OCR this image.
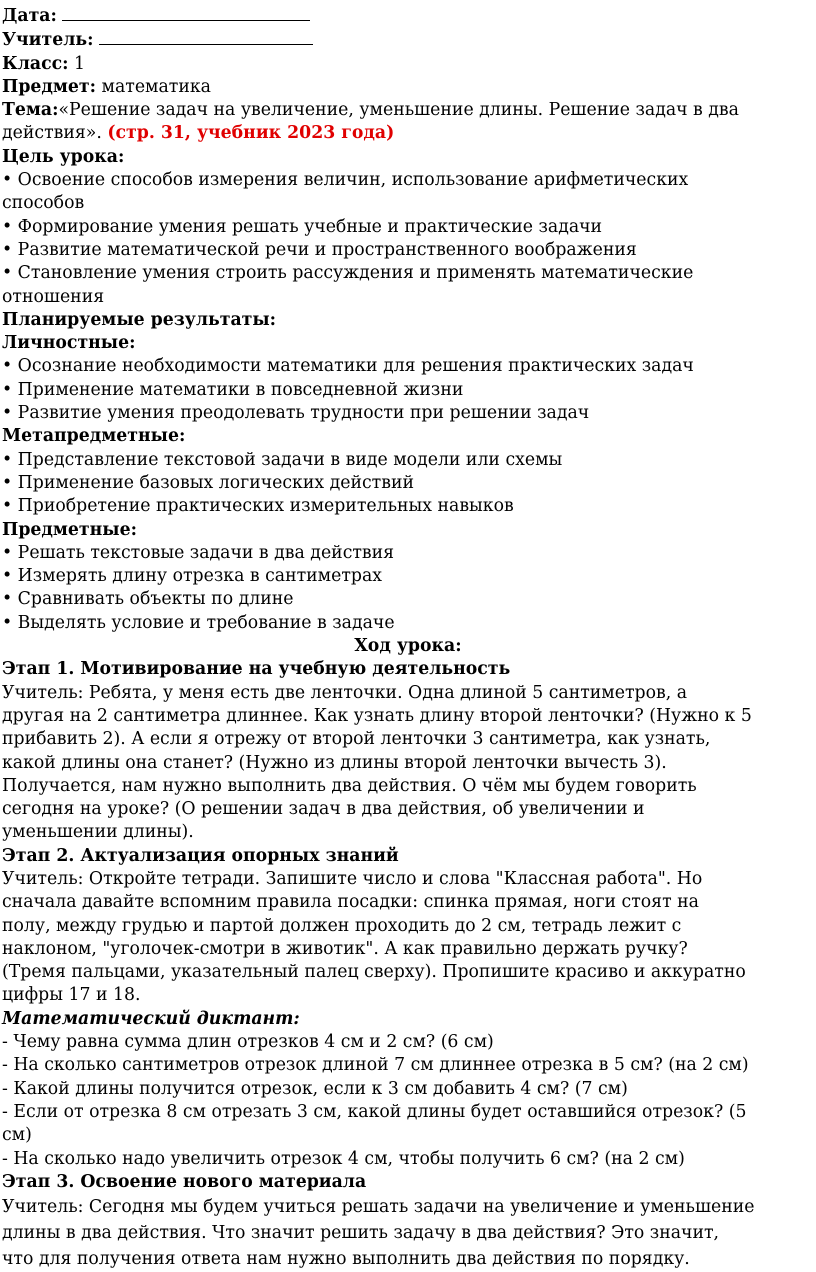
Дата:
Учитель:
Класс: 1
Предмет: математика
Тема:«Решение задач на увеличение, уменьшение длины. Решение задач в два
действия». (стр. 31, учебник 2023 года)
Цель урока:
• Освоение способов измерения величин, использование арифметических
способов
• Формирование умения решать учебные и практические задачи
• Развитие математической речи и пространственного воображения
• Становление умения строить рассуждения и применять математические
отношения
Планируемые результаты:
Личностные:
• Осознание необходимости математики для решения практических задач
• Применение математики в повседневной жизни
• Развитие умения преодолевать трудности при решении задач
Метапредметные:
• Представление текстовой задачи в виде модели или схемы
• Применение базовых логических действий
• Приобретение практических измерительных навыков
Предметные:
• Решать текстовые задачи в два действия
• Измерять длину отрезка в сантиметрах
• Сравнивать объекты по длине
• Выделять условие и требование в задаче
Ход урока:
Этап 1. Мотивирование на учебную деятельность
Учитель: Ребята, у меня есть две ленточки. Одна длиной 5 сантиметров, а
другая на 2 сантиметра длиннее. Как узнать длину второй ленточки? (Нужно к 5
прибавить 2). А если я отрежу от второй ленточки 3 сантиметра, как узнать,
какой длины она станет? (Нужно из длины второй ленточки вычесть 3).
Получается, нам нужно выполнить два действия. О чём мы будем говорить
сегодня на уроке? (О решении задач в два действия, об увеличении и
уменьшении длины).
Этап 2. Актуализация опорных знаний
Учитель: Откройте тетради. Запишите число и слова "Классная работа". Но
сначала давайте вспомним правила посадки: спинка прямая, ноги стоят на
полу, между грудью и партой должен проходить до 2 см, тетрадь лежит с
наклоном, "уголочек-смотри в животик". А как правильно держать ручку?
(Тремя пальцами, указательный палец сверху). Пропишите красиво и аккуратно
цифры 17 и 18.
Математический диктант:
- Чему равна сумма длин отрезков 4 см и 2 см? (6 см)
- На сколько сантиметров отрезок длиной 7 см длиннее отрезка в 5 см? (на 2 см)
- Какой длины получится отрезок, если к 3 см добавить 4 см? (7 см)
- Если от отрезка 8 см отрезать 3 см, какой длины будет оставшийся отрезок? (5
см)
- На сколько надо увеличить отрезок 4 см, чтобы получить 6 см? (на 2 см)
Этап 3. Освоение нового материала
Учитель: Сегодня мы будем учиться решать задачи на увеличение и уменьшение
длины в два действия. Что значит решить задачу в два действия? Это значит,
что для получения ответа нам нужно выполнить два действия по порядку.
